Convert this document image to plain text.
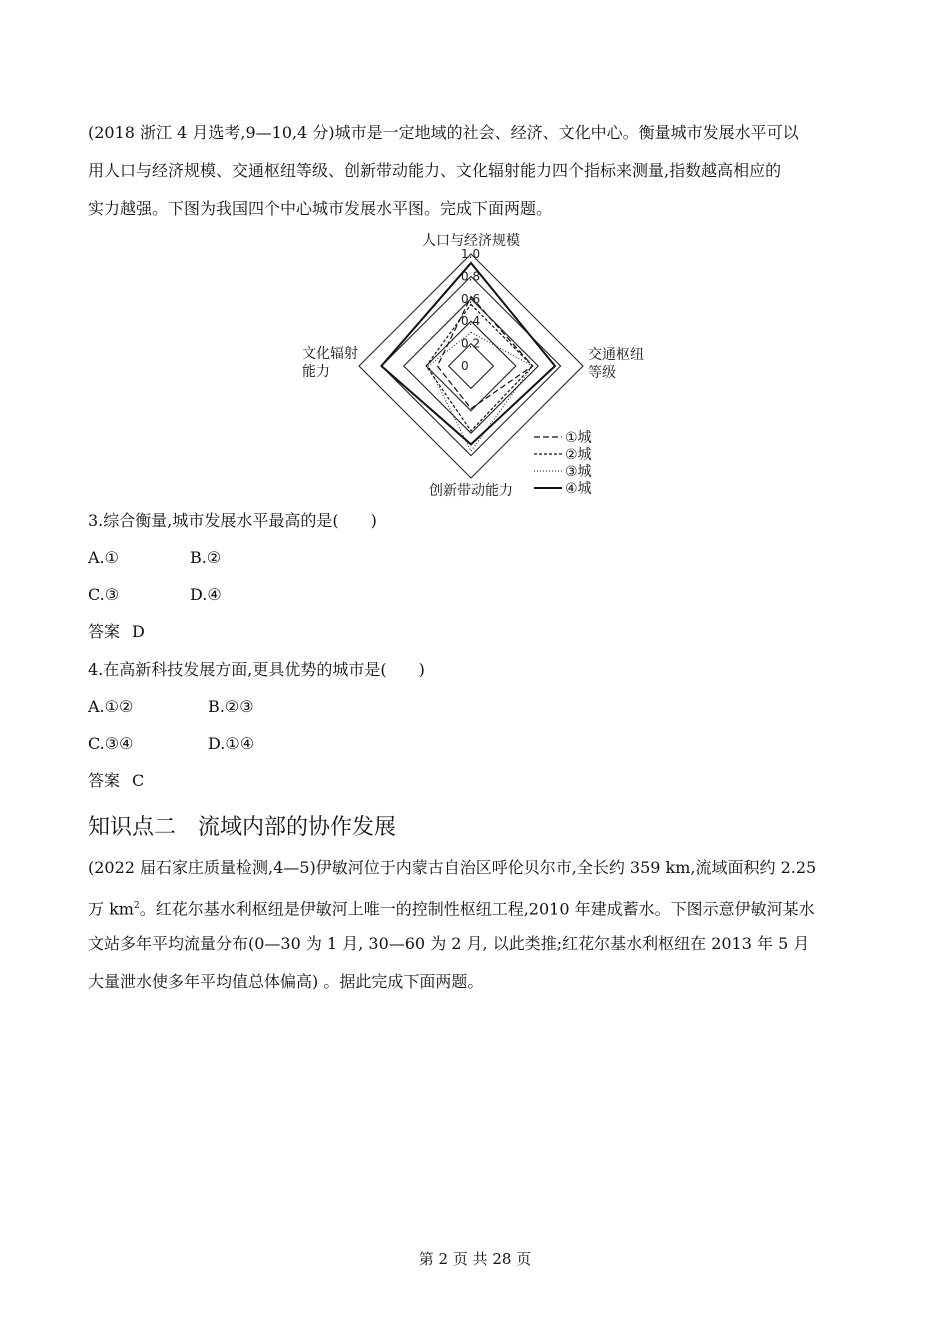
(2018 浙江 4 月选考,9—10,4 分)城市是一定地域的社会、经济、文化中心。衡量城市发展水平可以
用人口与经济规模、交通枢纽等级、创新带动能力、文化辐射能力四个指标来测量,指数越高相应的
实力越强。下图为我国四个中心城市发展水平图。完成下面两题。
0
0.2
0.4
0.6
0.8
1.0
人口与经济规模
交通枢纽
等级
创新带动能力
文化辐射
能力
①城
②城
③城
④城
3.综合衡量,城市发展水平最高的是(　　)
A.①	B.②
C.③	D.④
答案 D
4.在高新科技发展方面,更具优势的城市是(　　)
A.①②	B.②③
C.③④	D.①④
答案 C
知识点二　流域内部的协作发展
(2022 届石家庄质量检测,4—5)伊敏河位于内蒙古自治区呼伦贝尔市,全长约 359 km,流域面积约 2.25
万 $km^2$。红花尔基水利枢纽是伊敏河上唯一的控制性枢纽工程,2010 年建成蓄水。下图示意伊敏河某水
文站多年平均流量分布(0—30 为 1 月, 30—60 为 2 月, 以此类推;红花尔基水利枢纽在 2013 年 5 月
大量泄水使多年平均值总体偏高) 。据此完成下面两题。
第 2 页 共 28 页
